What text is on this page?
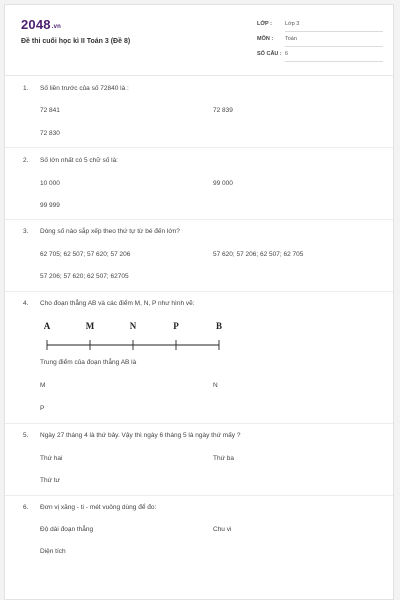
2048.vn
Đề thi cuối học kì II Toán 3 (Đề 8)
LỚP : Lớp 3
MÔN : Toán
SỐ CÂU : 6
1. Số liền trước của số 72840 là :
72 841	72 839
72 830
2. Số lớn nhất có 5 chữ số là:
10 000	99 000
99 999
3. Dòng số nào sắp xếp theo thứ tự từ bé đến lớn?
62 705; 62 507; 57 620; 57 206	57 620; 57 206; 62 507; 62 705
57 206; 57 620; 62 507; 62705
4. Cho đoạn thẳng AB và các điểm M, N, P như hình vẽ:
A	M	N	P	B
Trung điểm của đoạn thẳng AB là
M	N
P
5. Ngày 27 tháng 4 là thứ bảy. Vậy thì ngày 6 tháng 5 là ngày thứ mấy ?
Thứ hai	Thứ ba
Thứ tư
6. Đơn vị xăng - ti - mét vuông dùng để đo:
Độ dài đoạn thẳng	Chu vi
Diện tích
